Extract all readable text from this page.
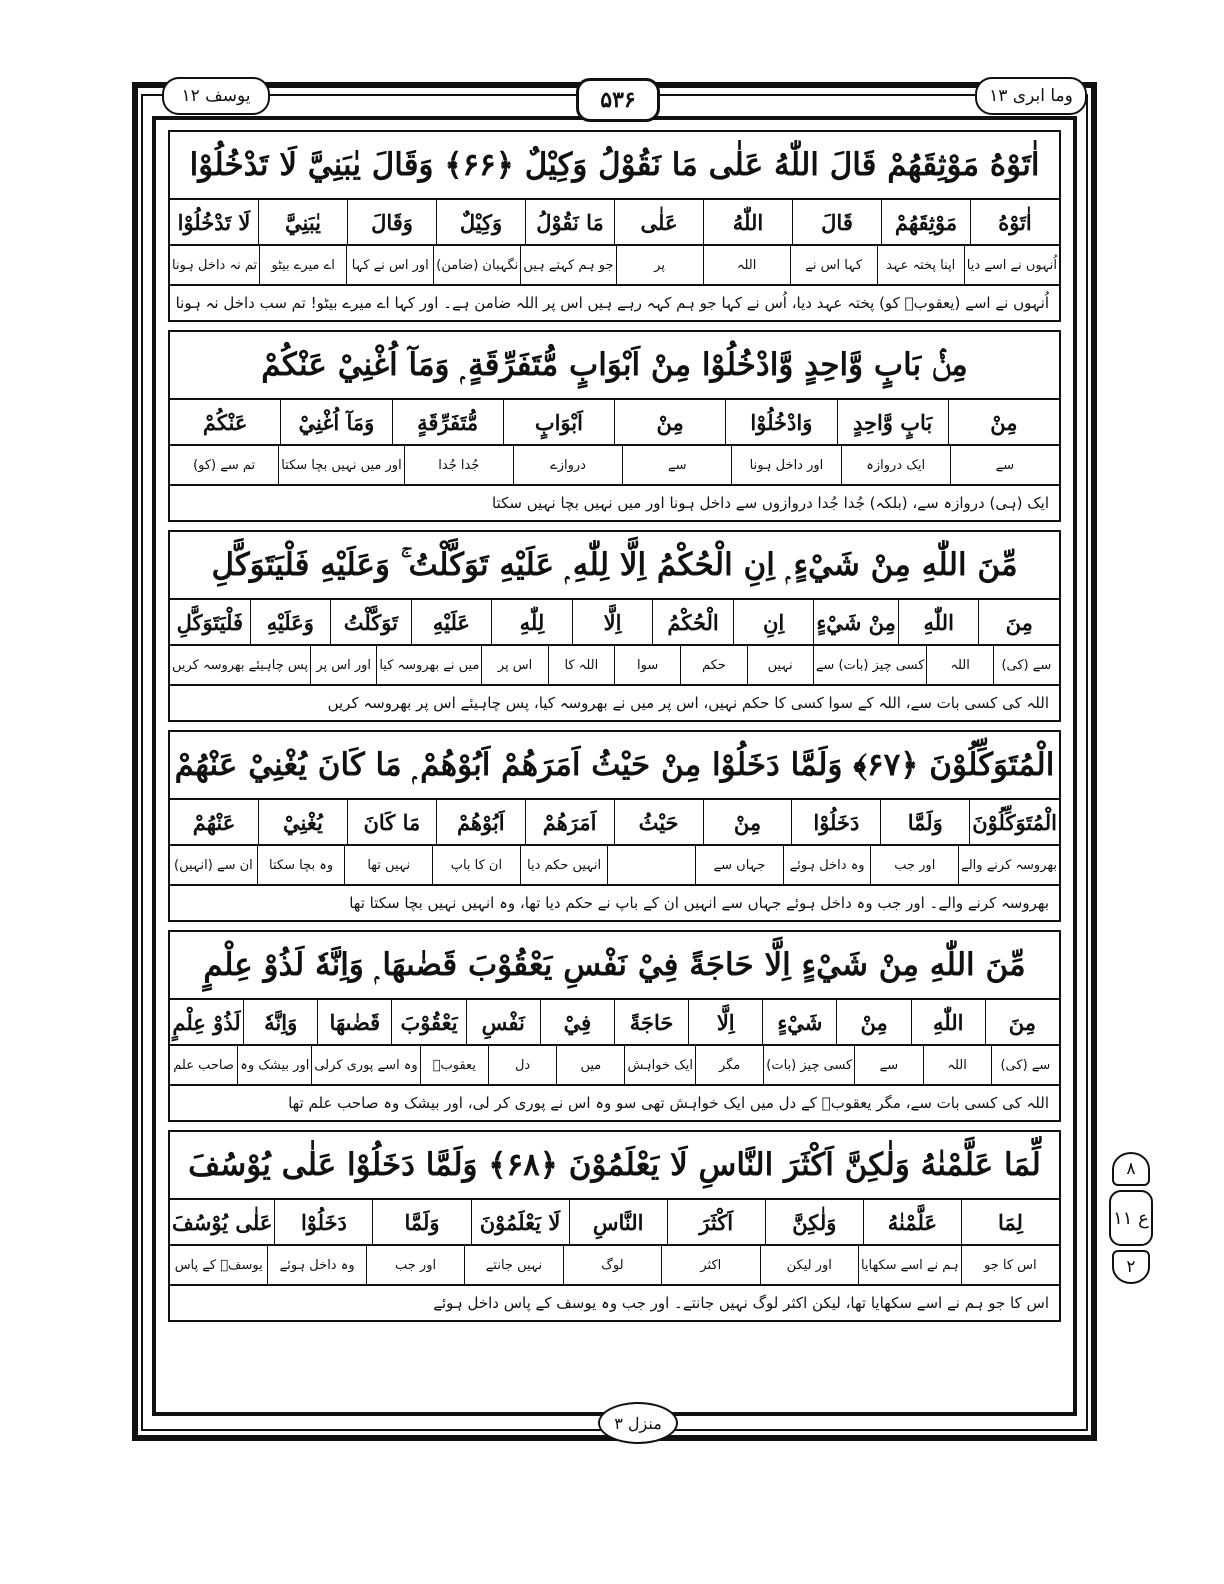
یوسف ۱۲	۵۳۶	وما ابری ۱۳
اٰتَوْهُ مَوْثِقَهُمْ قَالَ اللّٰهُ عَلٰى مَا نَقُوْلُ وَكِيْلٌ ﴿۶۶﴾ وَقَالَ يٰبَنِيَّ لَا تَدْخُلُوْا
اٰتَوْهُ
مَوْثِقَهُمْ
قَالَ
اللّٰهُ
عَلٰى
مَا نَقُوْلُ
وَكِيْلٌ
وَقَالَ
يٰبَنِيَّ
لَا تَدْخُلُوْا
اُنہوں نے اسے دیا
اپنا پختہ عہد
کہا اس نے
اللہ
پر
جو ہم کہتے ہیں
نگہبان (ضامن)
اور اس نے کہا
اے میرے بیٹو
تم نہ داخل ہونا
اُنہوں نے اسے (یعقوبؑ کو) پختہ عہد دیا، اُس نے کہا جو ہم کہہ رہے ہیں اس پر اللہ ضامن ہے۔ اور کہا اے میرے بیٹو! تم سب داخل نہ ہونا
مِنْۢ بَابٍ وَّاحِدٍ وَّادْخُلُوْا مِنْ اَبْوَابٍ مُّتَفَرِّقَةٍ ۭ وَمَآ اُغْنِيْ عَنْكُمْ
مِنْ
بَابٍ وَّاحِدٍ
وَادْخُلُوْا
مِنْ
اَبْوَابٍ
مُّتَفَرِّقَةٍ
وَمَآ اُغْنِيْ
عَنْكُمْ
سے
ایک دروازہ
اور داخل ہونا
سے
دروازے
جُدا جُدا
اور میں نہیں بچا سکتا
تم سے (کو)
ایک (ہی) دروازہ سے، (بلکہ) جُدا جُدا دروازوں سے داخل ہونا اور میں نہیں بچا نہیں سکتا
مِّنَ اللّٰهِ مِنْ شَيْءٍ ۭ اِنِ الْحُكْمُ اِلَّا لِلّٰهِ ۭ عَلَيْهِ تَوَكَّلْتُ ۚ وَعَلَيْهِ فَلْيَتَوَكَّلِ
مِنَ
اللّٰهِ
مِنْ شَيْءٍ
اِنِ
الْحُكْمُ
اِلَّا
لِلّٰهِ
عَلَيْهِ
تَوَكَّلْتُ
وَعَلَيْهِ
فَلْيَتَوَكَّلِ
سے (کی)
اللہ
کسی چیز (بات) سے
نہیں
حکم
سوا
اللہ کا
اس پر
میں نے بھروسہ کیا
اور اس پر
پس چاہیئے بھروسہ کریں
اللہ کی کسی بات سے، اللہ کے سوا کسی کا حکم نہیں، اس پر میں نے بھروسہ کیا، پس چاہیئے اس پر بھروسہ کریں
الْمُتَوَكِّلُوْنَ ﴿۶۷﴾ وَلَمَّا دَخَلُوْا مِنْ حَيْثُ اَمَرَهُمْ اَبُوْهُمْ ۭ مَا كَانَ يُغْنِيْ عَنْهُمْ
الْمُتَوَكِّلُوْنَ
وَلَمَّا
دَخَلُوْا
مِنْ
حَيْثُ
اَمَرَهُمْ
اَبُوْهُمْ
مَا كَانَ
يُغْنِيْ
عَنْهُمْ
بھروسہ کرنے والے
اور جب
وہ داخل ہوئے
جہاں سے
انہیں حکم دیا
ان کا باپ
نہیں تھا
وہ بچا سکتا
ان سے (انہیں)
بھروسہ کرنے والے۔ اور جب وہ داخل ہوئے جہاں سے انہیں ان کے باپ نے حکم دیا تھا، وہ انہیں نہیں بچا سکتا تھا
مِّنَ اللّٰهِ مِنْ شَيْءٍ اِلَّا حَاجَةً فِيْ نَفْسِ يَعْقُوْبَ قَضٰىهَا ۭ وَاِنَّهٗ لَذُوْ عِلْمٍ
مِنَ
اللّٰهِ
مِنْ
شَيْءٍ
اِلَّا
حَاجَةً
فِيْ
نَفْسِ
يَعْقُوْبَ
قَضٰىهَا
وَاِنَّهٗ
لَذُوْ عِلْمٍ
سے (کی)
اللہ
سے
کسی چیز (بات)
مگر
ایک خواہش
میں
دل
یعقوبؑ
وہ اسے پوری کرلی
اور بیشک وہ
صاحب علم
اللہ کی کسی بات سے، مگر یعقوبؑ کے دل میں ایک خواہش تھی سو وہ اس نے پوری کر لی، اور بیشک وہ صاحب علم تھا
لِّمَا عَلَّمْنٰهُ وَلٰكِنَّ اَكْثَرَ النَّاسِ لَا يَعْلَمُوْنَ ﴿۶۸﴾ وَلَمَّا دَخَلُوْا عَلٰى يُوْسُفَ
لِمَا
عَلَّمْنٰهُ
وَلٰكِنَّ
اَكْثَرَ
النَّاسِ
لَا يَعْلَمُوْنَ
وَلَمَّا
دَخَلُوْا
عَلٰى يُوْسُفَ
اس کا جو
ہم نے اسے سکھایا
اور لیکن
اکثر
لوگ
نہیں جانتے
اور جب
وہ داخل ہوئے
یوسفؑ کے پاس
اس کا جو ہم نے اسے سکھایا تھا، لیکن اکثر لوگ نہیں جانتے۔ اور جب وہ یوسف کے پاس داخل ہوئے
۸
ع ۱۱
۲
منزل ۳
